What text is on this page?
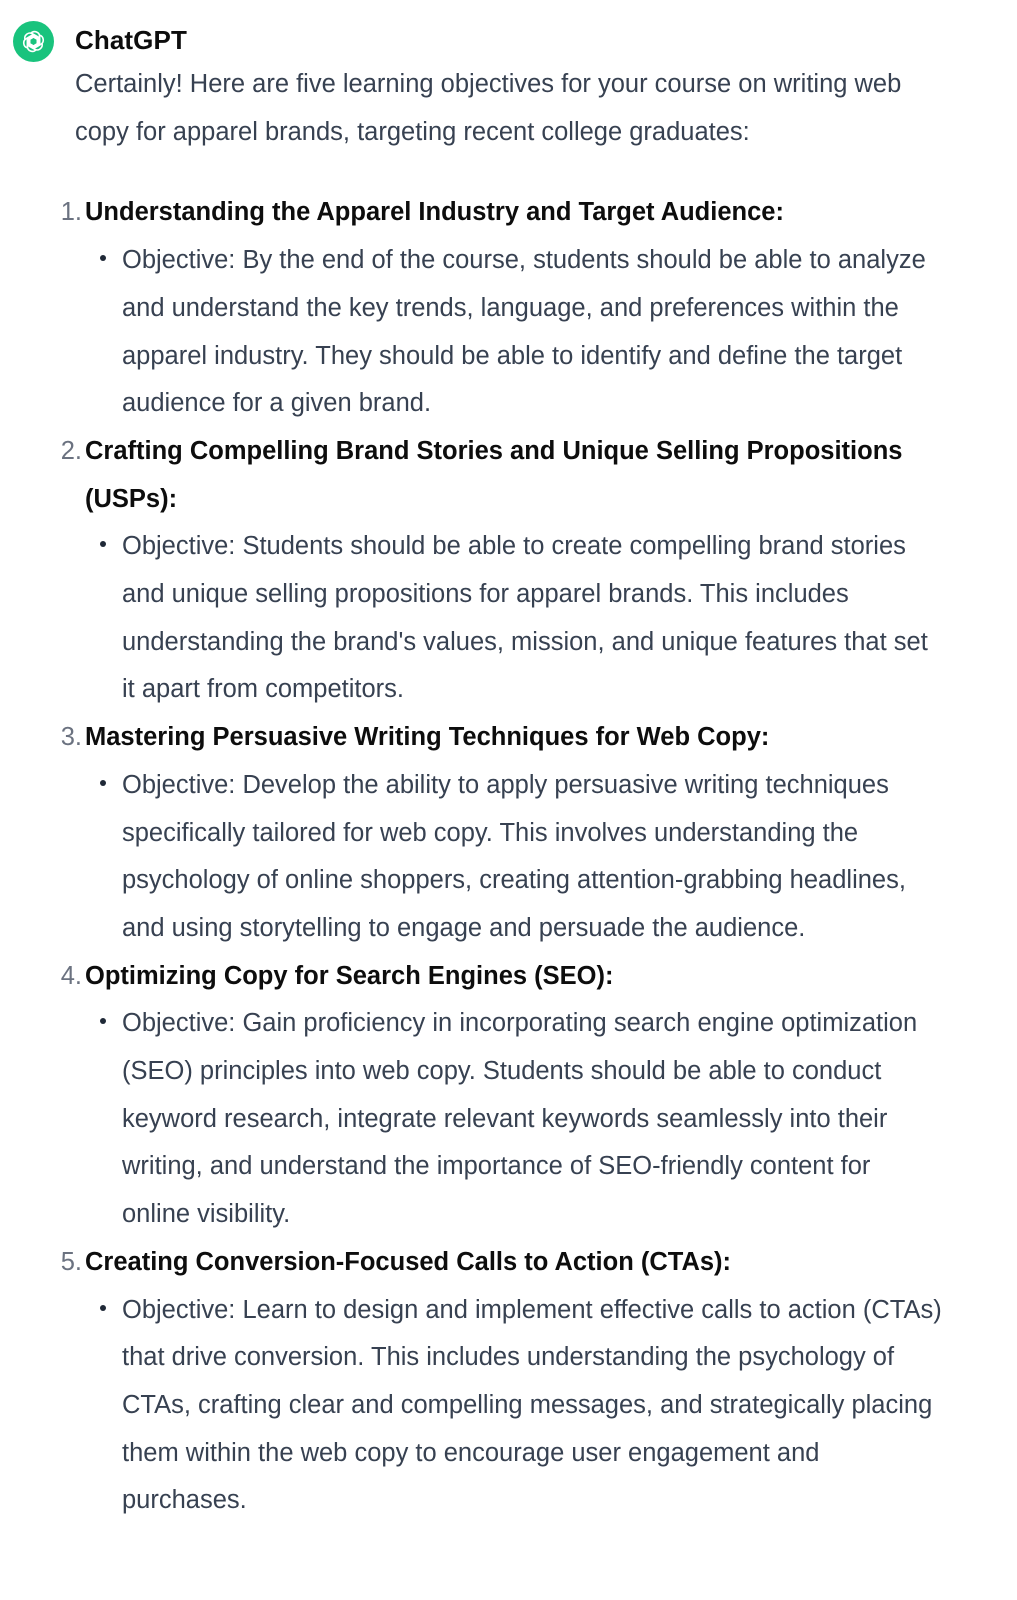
ChatGPT

Certainly! Here are five learning objectives for your course on writing web copy for apparel brands, targeting recent college graduates:

1. Understanding the Apparel Industry and Target Audience:
Objective: By the end of the course, students should be able to analyze and understand the key trends, language, and preferences within the apparel industry. They should be able to identify and define the target audience for a given brand.
2. Crafting Compelling Brand Stories and Unique Selling Propositions (USPs):
Objective: Students should be able to create compelling brand stories and unique selling propositions for apparel brands. This includes understanding the brand's values, mission, and unique features that set it apart from competitors.
3. Mastering Persuasive Writing Techniques for Web Copy:
Objective: Develop the ability to apply persuasive writing techniques specifically tailored for web copy. This involves understanding the psychology of online shoppers, creating attention-grabbing headlines, and using storytelling to engage and persuade the audience.
4. Optimizing Copy for Search Engines (SEO):
Objective: Gain proficiency in incorporating search engine optimization (SEO) principles into web copy. Students should be able to conduct keyword research, integrate relevant keywords seamlessly into their writing, and understand the importance of SEO-friendly content for online visibility.
5. Creating Conversion-Focused Calls to Action (CTAs):
Objective: Learn to design and implement effective calls to action (CTAs) that drive conversion. This includes understanding the psychology of CTAs, crafting clear and compelling messages, and strategically placing them within the web copy to encourage user engagement and purchases.
